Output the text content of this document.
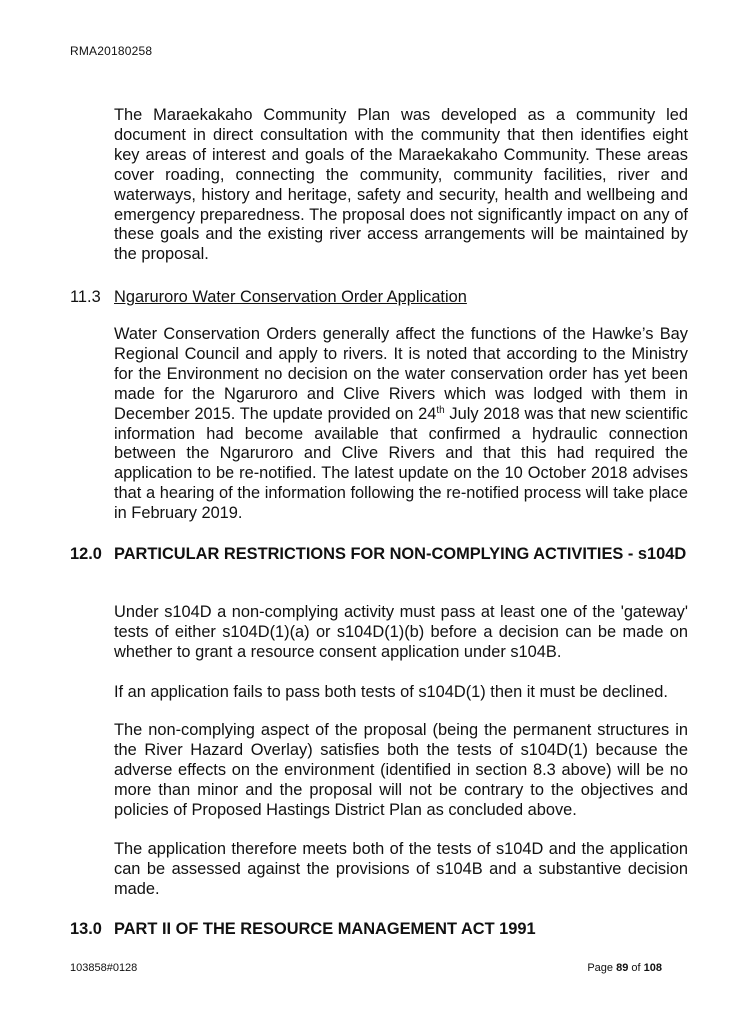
RMA20180258

The Maraekakaho Community Plan was developed as a community led document in direct consultation with the community that then identifies eight key areas of interest and goals of the Maraekakaho Community. These areas cover roading, connecting the community, community facilities, river and waterways, history and heritage, safety and security, health and wellbeing and emergency preparedness. The proposal does not significantly impact on any of these goals and the existing river access arrangements will be maintained by the proposal.

11.3 Ngaruroro Water Conservation Order Application

Water Conservation Orders generally affect the functions of the Hawke’s Bay Regional Council and apply to rivers. It is noted that according to the Ministry for the Environment no decision on the water conservation order has yet been made for the Ngaruroro and Clive Rivers which was lodged with them in December 2015. The update provided on 24th July 2018 was that new scientific information had become available that confirmed a hydraulic connection between the Ngaruroro and Clive Rivers and that this had required the application to be re-notified. The latest update on the 10 October 2018 advises that a hearing of the information following the re-notified process will take place in February 2019.

12.0 PARTICULAR RESTRICTIONS FOR NON-COMPLYING ACTIVITIES - s104D

Under s104D a non-complying activity must pass at least one of the 'gateway' tests of either s104D(1)(a) or s104D(1)(b) before a decision can be made on whether to grant a resource consent application under s104B.

If an application fails to pass both tests of s104D(1) then it must be declined.

The non-complying aspect of the proposal (being the permanent structures in the River Hazard Overlay) satisfies both the tests of s104D(1) because the adverse effects on the environment (identified in section 8.3 above) will be no more than minor and the proposal will not be contrary to the objectives and policies of Proposed Hastings District Plan as concluded above.

The application therefore meets both of the tests of s104D and the application can be assessed against the provisions of s104B and a substantive decision made.

13.0 PART II OF THE RESOURCE MANAGEMENT ACT 1991
103858#0128	Page 89 of 108
